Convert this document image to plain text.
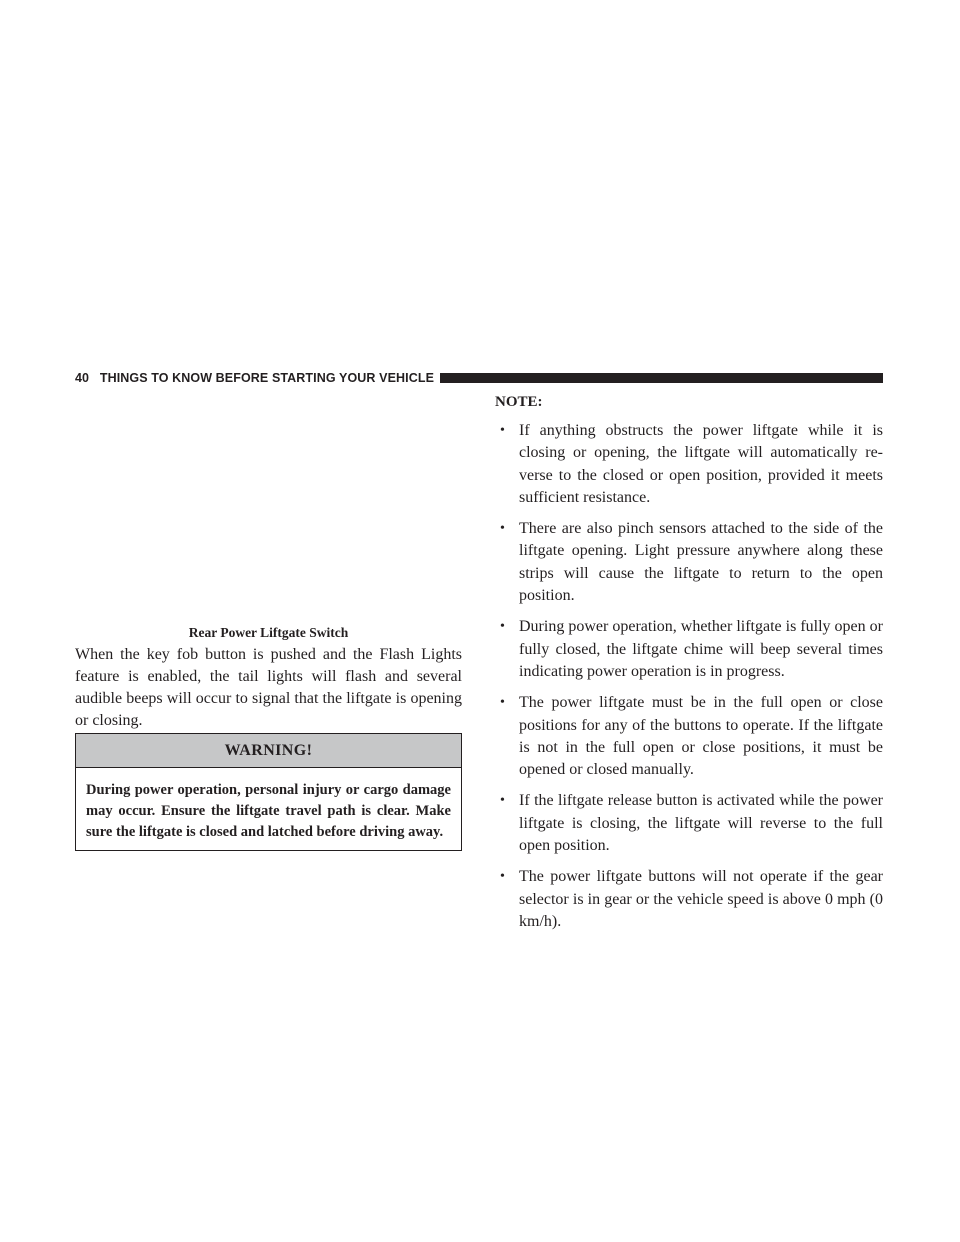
40 THINGS TO KNOW BEFORE STARTING YOUR VEHICLE
Rear Power Liftgate Switch

When the key fob button is pushed and the Flash Lights feature is enabled, the tail lights will flash and several audible beeps will occur to signal that the liftgate is opening or closing.

WARNING!
During power operation, personal injury or cargo damage may occur. Ensure the liftgate travel path is clear. Make sure the liftgate is closed and latched before driving away.
NOTE:
• If anything obstructs the power liftgate while it is closing or opening, the liftgate will automatically re-verse to the closed or open position, provided it meets sufficient resistance.
• There are also pinch sensors attached to the side of the liftgate opening. Light pressure anywhere along these strips will cause the liftgate to return to the open position.
• During power operation, whether liftgate is fully open or fully closed, the liftgate chime will beep several times indicating power operation is in progress.
• The power liftgate must be in the full open or close positions for any of the buttons to operate. If the liftgate is not in the full open or close positions, it must be opened or closed manually.
• If the liftgate release button is activated while the power liftgate is closing, the liftgate will reverse to the full open position.
• The power liftgate buttons will not operate if the gear selector is in gear or the vehicle speed is above 0 mph (0 km/h).
